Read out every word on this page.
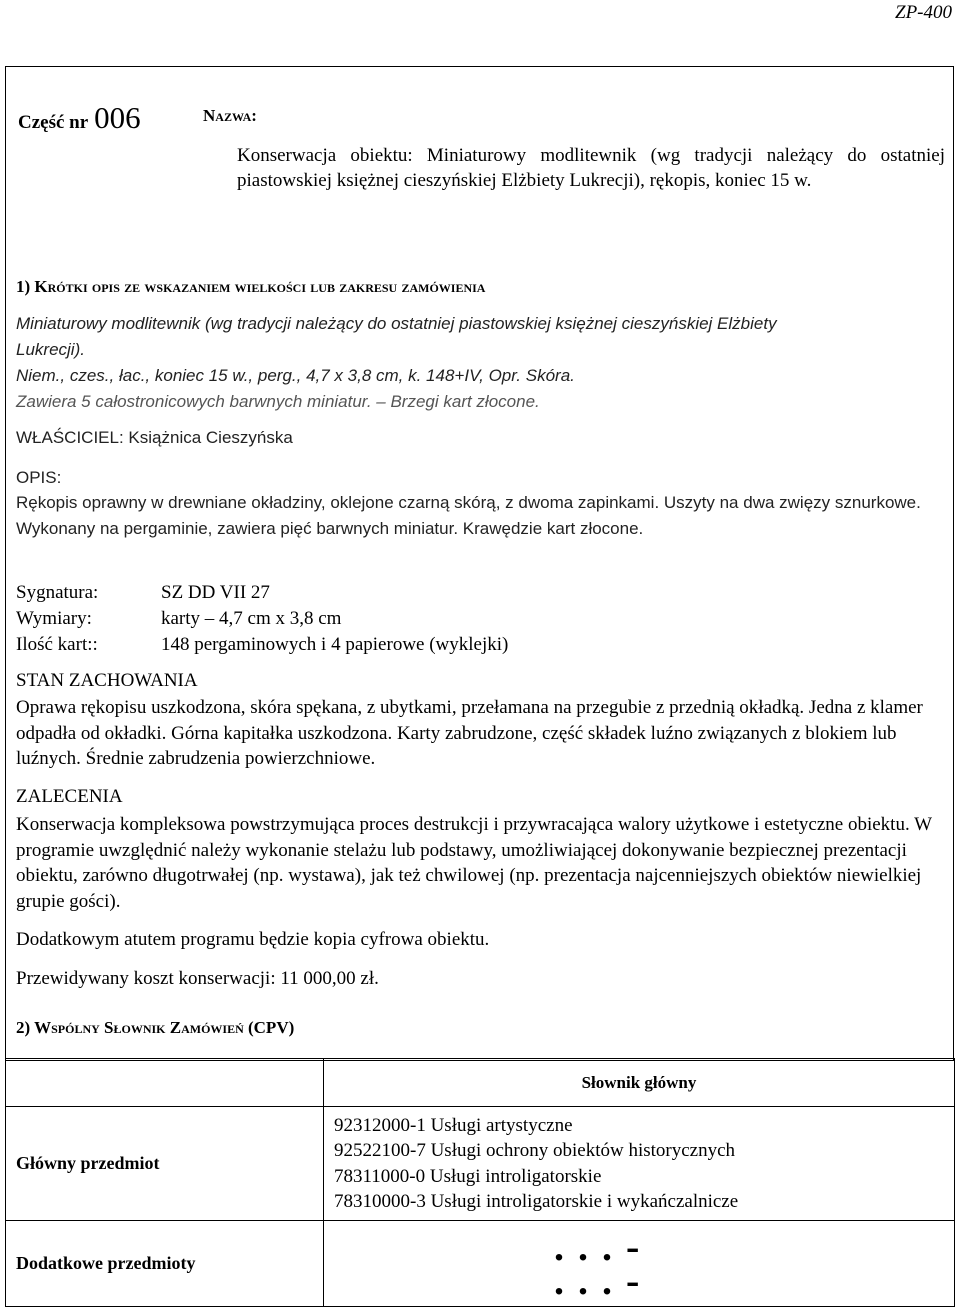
ZP-400
Część nr 006	Nazwa:
Konserwacja obiektu: Miniaturowy modlitewnik (wg tradycji należący do ostatniej piastowskiej księżnej cieszyńskiej Elżbiety Lukrecji), rękopis, koniec 15 w.
1) Krótki opis ze wskazaniem wielkości lub zakresu zamówienia
Miniaturowy modlitewnik (wg tradycji należący do ostatniej piastowskiej księżnej cieszyńskiej Elżbiety
Lukrecji).
Niem., czes., łac., koniec 15 w., perg., 4,7 x 3,8 cm, k. 148+IV, Opr. Skóra.
Zawiera 5 całostronicowych barwnych miniatur. – Brzegi kart złocone.
WŁAŚCICIEL: Książnica Cieszyńska
OPIS:
Rękopis oprawny w drewniane okładziny, oklejone czarną skórą, z dwoma zapinkami. Uszyty na dwa zwięzy sznurkowe. Wykonany na pergaminie, zawiera pięć barwnych miniatur. Krawędzie kart złocone.
Sygnatura:	SZ DD VII 27
Wymiary:	karty – 4,7 cm x 3,8 cm
Ilość kart::	148 pergaminowych i 4 papierowe (wyklejki)
STAN ZACHOWANIA
Oprawa rękopisu uszkodzona, skóra spękana, z ubytkami, przełamana na przegubie z przednią okładką. Jedna z klamer odpadła od okładki. Górna kapitałka uszkodzona. Karty zabrudzone, część składek luźno związanych z blokiem lub luźnych. Średnie zabrudzenia powierzchniowe.
ZALECENIA
Konserwacja kompleksowa powstrzymująca proces destrukcji i przywracająca walory użytkowe i estetyczne obiektu. W programie uwzględnić należy wykonanie stelażu lub podstawy, umożliwiającej dokonywanie bezpiecznej prezentacji obiektu, zarówno długotrwałej (np. wystawa), jak też chwilowej (np. prezentacja najcenniejszych obiektów niewielkiej grupie gości).
Dodatkowym atutem programu będzie kopia cyfrowa obiektu.
Przewidywany koszt konserwacji: 11 000,00 zł.
2) Wspólny Słownik Zamówień (CPV)
	Słownik główny
Główny przedmiot	92312000-1 Usługi artystyczne
92522100-7 Usługi ochrony obiektów historycznych
78311000-0 Usługi introligatorskie
78310000-3 Usługi introligatorskie i wykańczalnicze

Dodatkowe przedmioty	. . . -
. . . -
